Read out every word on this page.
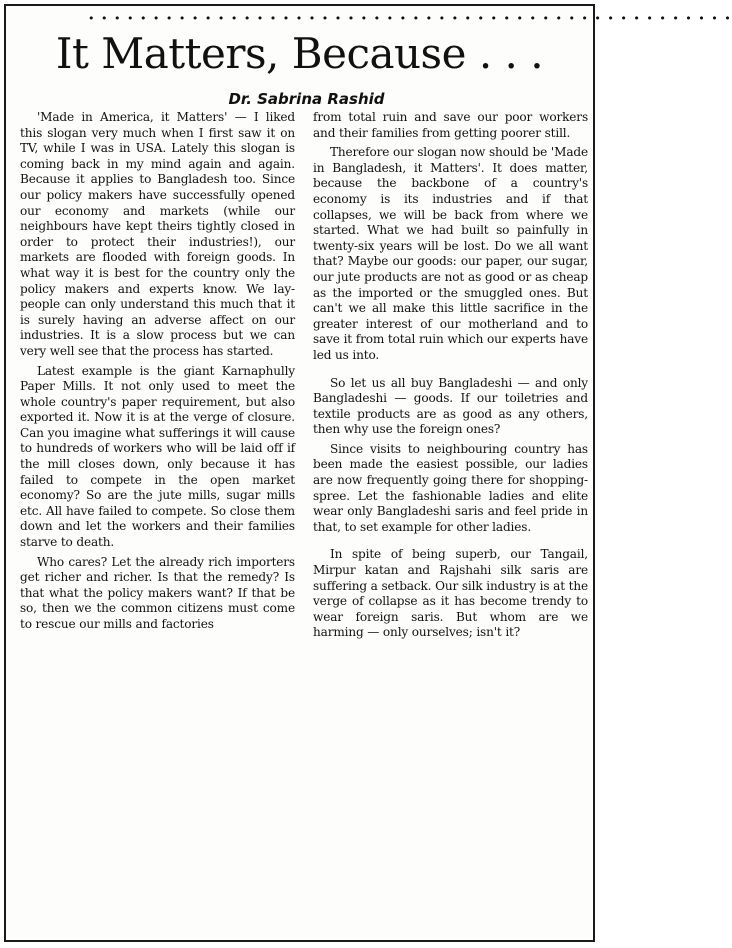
• • • • • • • • • • • • • • • • • • • • • • • • • • • • • • • • • • • • • • • • • • • • • • • • • •
It Matters, Because . . .
Dr. Sabrina Rashid

'Made in America, it Matters' — I liked this slogan very much when I first saw it on TV, while I was in USA. Lately this slogan is coming back in my mind again and again. Because it applies to Bangladesh too. Since our policy makers have successfully opened our economy and markets (while our neighbours have kept theirs tightly closed in order to protect their industries!), our markets are flooded with foreign goods. In what way it is best for the country only the policy makers and experts know. We lay-people can only understand this much that it is surely having an adverse affect on our industries. It is a slow process but we can very well see that the process has started.

Latest example is the giant Karnaphully Paper Mills. It not only used to meet the whole country's paper requirement, but also exported it. Now it is at the verge of closure. Can you imagine what sufferings it will cause to hundreds of workers who will be laid off if the mill closes down, only because it has failed to compete in the open market economy? So are the jute mills, sugar mills etc. All have failed to compete. So close them down and let the workers and their families starve to death.

Who cares? Let the already rich importers get richer and richer. Is that the remedy? Is that what the policy makers want? If that be so, then we the common citizens must come to rescue our mills and factories

from total ruin and save our poor workers and their families from getting poorer still.

Therefore our slogan now should be 'Made in Bangladesh, it Matters'. It does matter, because the backbone of a country's economy is its industries and if that collapses, we will be back from where we started. What we had built so painfully in twenty-six years will be lost. Do we all want that? Maybe our goods: our paper, our sugar, our jute products are not as good or as cheap as the imported or the smuggled ones. But can't we all make this little sacrifice in the greater interest of our motherland and to save it from total ruin which our experts have led us into.

So let us all buy Bangladeshi — and only Bangladeshi — goods. If our toiletries and textile products are as good as any others, then why use the foreign ones?

Since visits to neighbouring country has been made the easiest possible, our ladies are now frequently going there for shopping-spree. Let the fashionable ladies and elite wear only Bangladeshi saris and feel pride in that, to set example for other ladies.

In spite of being superb, our Tangail, Mirpur katan and Rajshahi silk saris are suffering a setback. Our silk industry is at the verge of collapse as it has become trendy to wear foreign saris. But whom are we harming — only ourselves; isn't it?
